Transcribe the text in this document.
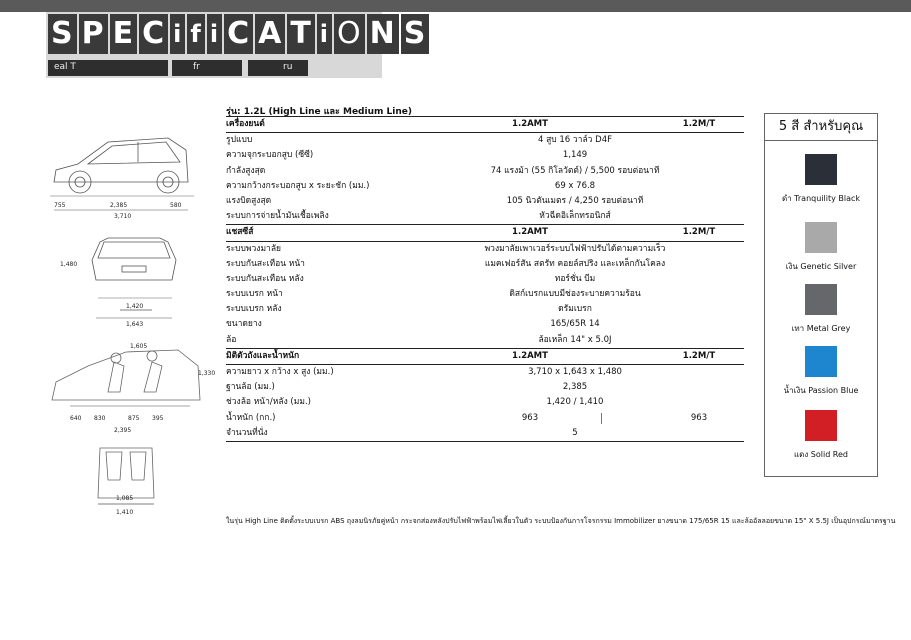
S P E C i f i C A T i O N S
eal T	fr	ru
755	2,385	580
3,710
1,480
1,420
1,643
1,605
1,330
640 830	875 395
2,395
1,085
1,410
รุ่น: 1.2L (High Line และ Medium Line)
เครื่องยนต์	1.2AMT	1.2M/T
รูปแบบ	4 สูบ 16 วาล์ว D4F
ความจุกระบอกสูบ (ซีซี)	1,149
กำลังสูงสุด	74 แรงม้า (55 กิโลวัตต์) / 5,500 รอบต่อนาที
ความกว้างกระบอกสูบ x ระยะชัก (มม.)	69 x 76.8
แรงบิดสูงสุด	105 นิวตันเมตร / 4,250 รอบต่อนาที
ระบบการจ่ายน้ำมันเชื้อเพลิง	หัวฉีดอิเล็กทรอนิกส์
แชสซีส์	1.2AMT	1.2M/T
ระบบพวงมาลัย	พวงมาลัยเพาเวอร์ระบบไฟฟ้าปรับได้ตามความเร็ว
ระบบกันสะเทือน หน้า	แมคเฟอร์สัน สตรัท คอยล์สปริง และเหล็กกันโคลง
ระบบกันสะเทือน หลัง	ทอร์ชั่น บีม
ระบบเบรก หน้า	ดิสก์เบรกแบบมีช่องระบายความร้อน
ระบบเบรก หลัง	ดรัมเบรก
ขนาดยาง	165/65R 14
ล้อ	ล้อเหล็ก 14" x 5.0J
มิติตัวถังและน้ำหนัก	1.2AMT	1.2M/T
ความยาว x กว้าง x สูง (มม.)	3,710 x 1,643 x 1,480
ฐานล้อ (มม.)	2,385
ช่วงล้อ หน้า/หลัง (มม.)	1,420 / 1,410
น้ำหนัก (กก.)	963	963
จำนวนที่นั่ง	5
5 สี สำหรับคุณ
ดำ Tranquility Black
เงิน Genetic Silver
เทา Metal Grey
น้ำเงิน Passion Blue
แดง Solid Red
ในรุ่น High Line ติดตั้งระบบเบรก ABS ถุงลมนิรภัยคู่หน้า กระจกส่องหลังปรับไฟฟ้าพร้อมไฟเลี้ยวในตัว ระบบป้องกันการโจรกรรม Immobilizer ยางขนาด 175/65R 15 และล้ออัลลอยขนาด 15" X 5.5J เป็นอุปกรณ์มาตรฐาน
